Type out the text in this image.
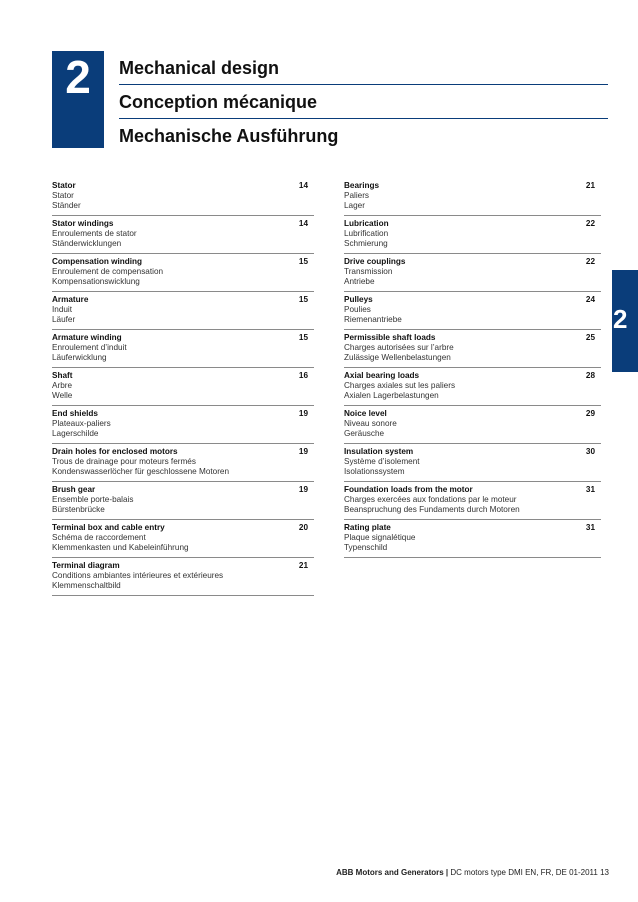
2	Mechanical design
Conception mécanique
Mechanische Ausführung
2
Stator
Stator
Ständer
14
Stator windings
Enroulements de stator
Ständerwicklungen
14
Compensation winding
Enroulement de compensation
Kompensationswicklung
15
Armature
Induit
Läufer
15
Armature winding
Enroulement d’induit
Läuferwicklung
15
Shaft
Arbre
Welle
16
End shields
Plateaux-paliers
Lagerschilde
19
Drain holes for enclosed motors
Trous de drainage pour moteurs fermés
Kondenswasserlöcher für geschlossene Motoren
19
Brush gear
Ensemble porte-balais
Bürstenbrücke
19
Terminal box and cable entry
Schéma de raccordement
Klemmenkasten und Kabeleinführung
20
Terminal diagram
Conditions ambiantes intérieures et extérieures
Klemmenschaltbild
21
Bearings
Paliers
Lager
21
Lubrication
Lubrification
Schmierung
22
Drive couplings
Transmission
Antriebe
22
Pulleys
Poulies
Riemenantriebe
24
Permissible shaft loads
Charges autorisées sur l’arbre
Zulässige Wellenbelastungen
25
Axial bearing loads
Charges axiales sut les paliers
Axialen Lagerbelastungen
28
Noice level
Niveau sonore
Geräusche
29
Insulation system
Système d’isolement
Isolationssystem
30
Foundation loads from the motor
Charges exercées aux fondations par le moteur
Beanspruchung des Fundaments durch Motoren
31
Rating plate
Plaque signalétique
Typenschild
31
ABB Motors and Generators | DC motors type DMI EN, FR, DE 01-2011 13
